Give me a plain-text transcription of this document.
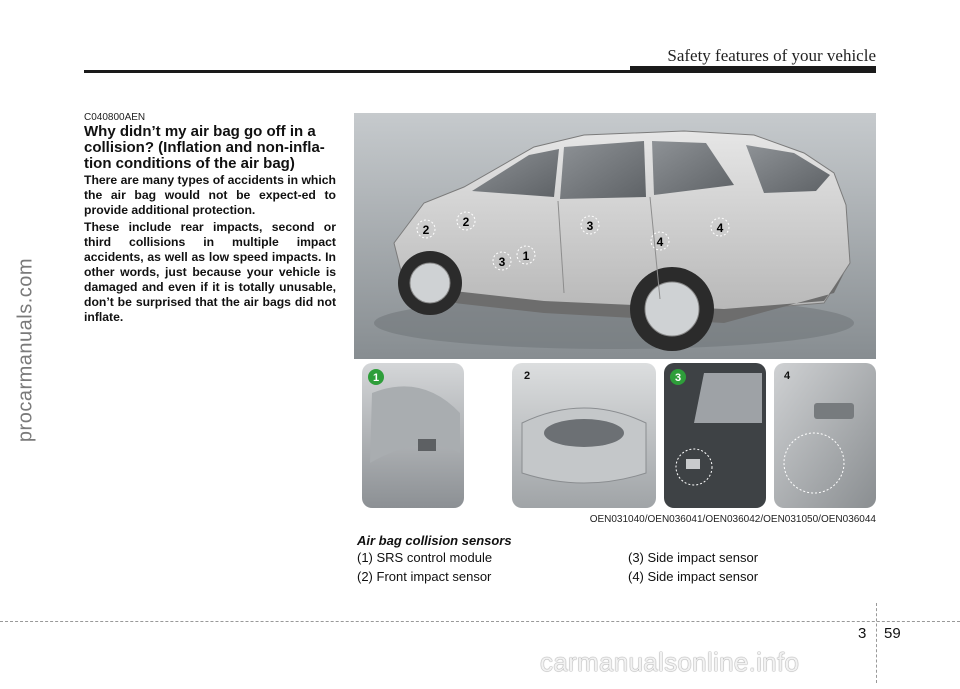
Safety features of your vehicle
procarmanuals.com
C040800AEN
Why didn’t my air bag go off in a collision? (Inflation and non-infla-tion conditions of the air bag)
There are many types of accidents in which the air bag would not be expect-ed to provide additional protection.
These include rear impacts, second or third collisions in multiple impact accidents, as well as low speed impacts. In other words, just because your vehicle is damaged and even if it is totally unusable, don’t be surprised that the air bags did not inflate.
2
2
3 1
3
4
4
1	2	3	4
OEN031040/OEN036041/OEN036042/OEN031050/OEN036044
Air bag collision sensors
(1) SRS control module
(2) Front impact sensor
(3) Side impact sensor
(4) Side impact sensor
3 59
carmanualsonline.info
